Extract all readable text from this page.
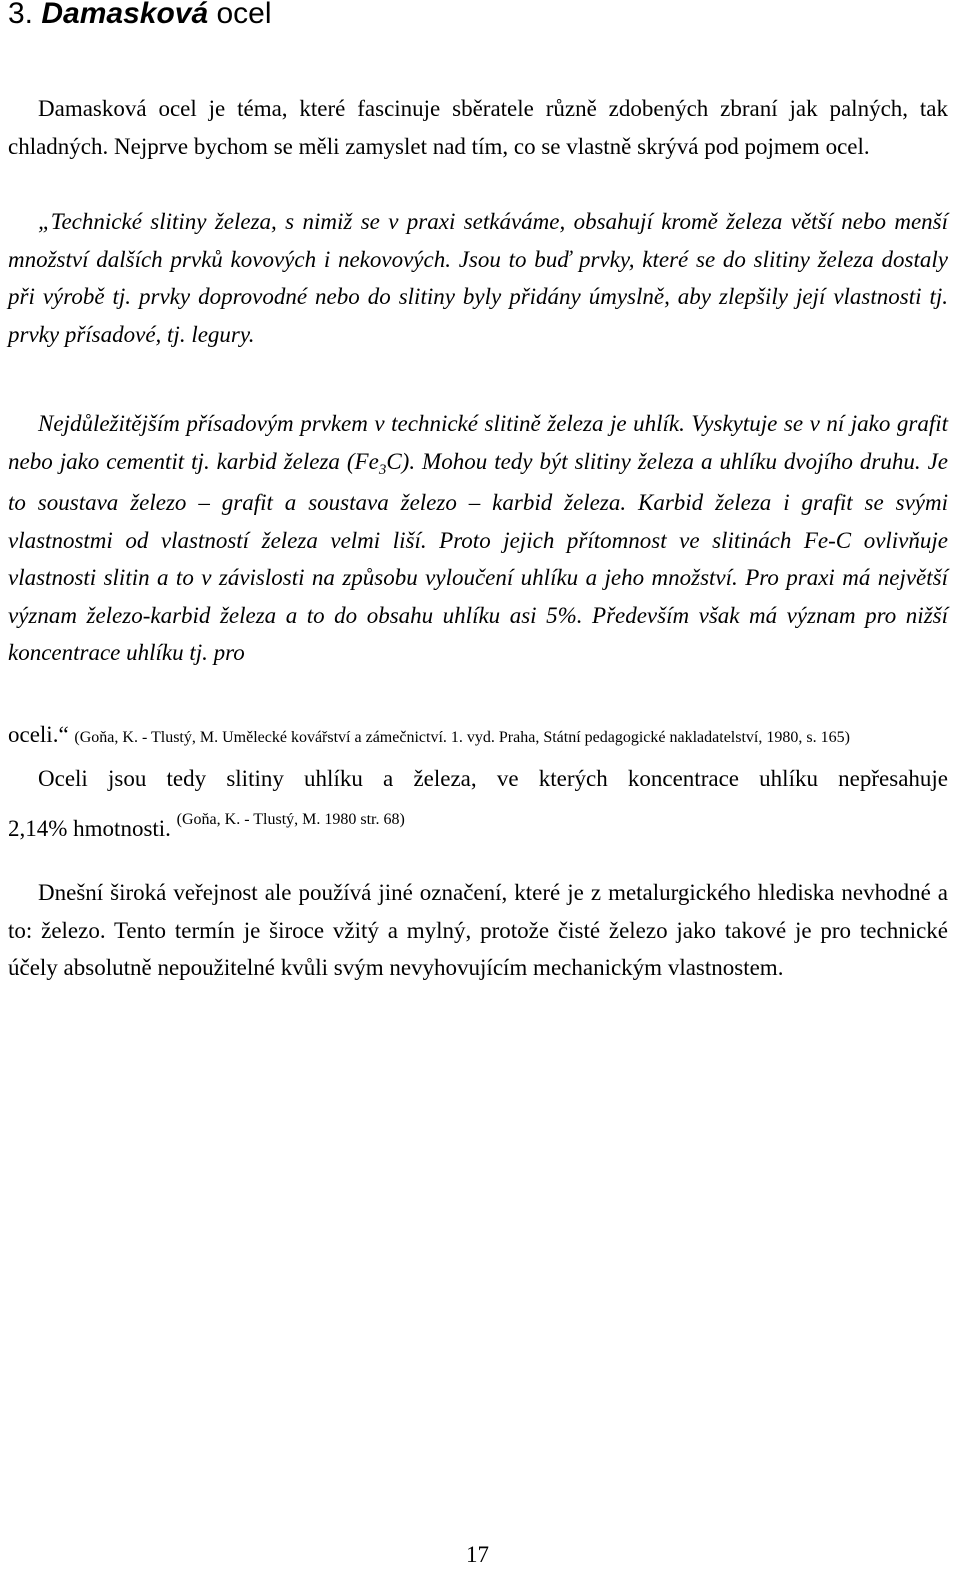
3. Damasková ocel

Damasková ocel je téma, které fascinuje sběratele různě zdobených zbraní jak palných, tak chladných. Nejprve bychom se měli zamyslet nad tím, co se vlastně skrývá pod pojmem ocel.

„Technické slitiny železa, s nimiž se v praxi setkáváme, obsahují kromě železa větší nebo menší množství dalších prvků kovových i nekovových. Jsou to buď prvky, které se do slitiny železa dostaly při výrobě tj. prvky doprovodné nebo do slitiny byly přidány úmyslně, aby zlepšily její vlastnosti tj. prvky přísadové, tj. legury.

Nejdůležitějším přísadovým prvkem v technické slitině železa je uhlík. Vyskytuje se v ní jako grafit nebo jako cementit tj. karbid železa $(Fe_3C)$. Mohou tedy být slitiny železa a uhlíku dvojího druhu. Je to soustava železo – grafit a soustava železo – karbid železa. Karbid železa i grafit se svými vlastnostmi od vlastností železa velmi liší. Proto jejich přítomnost ve slitinách Fe-C ovlivňuje vlastnosti slitin a to v závislosti na způsobu vyloučení uhlíku a jeho množství. Pro praxi má největší význam železo-karbid železa a to do obsahu uhlíku asi 5%. Především však má význam pro nižší koncentrace uhlíku tj. pro

oceli.“ (Goňa, K. - Tlustý, M. Umělecké kovářství a zámečnictví. 1. vyd. Praha, Státní pedagogické nakladatelství, 1980, s. 165)

Oceli jsou tedy slitiny uhlíku a železa, ve kterých koncentrace uhlíku nepřesahuje

2,14% hmotnosti. $^{(Goňa, K. - Tlustý, M. 1980 str. 68)}$

Dnešní široká veřejnost ale používá jiné označení, které je z metalurgického hlediska nevhodné a to: železo. Tento termín je široce vžitý a mylný, protože čisté železo jako takové je pro technické účely absolutně nepoužitelné kvůli svým nevyhovujícím mechanickým vlastnostem.

17
